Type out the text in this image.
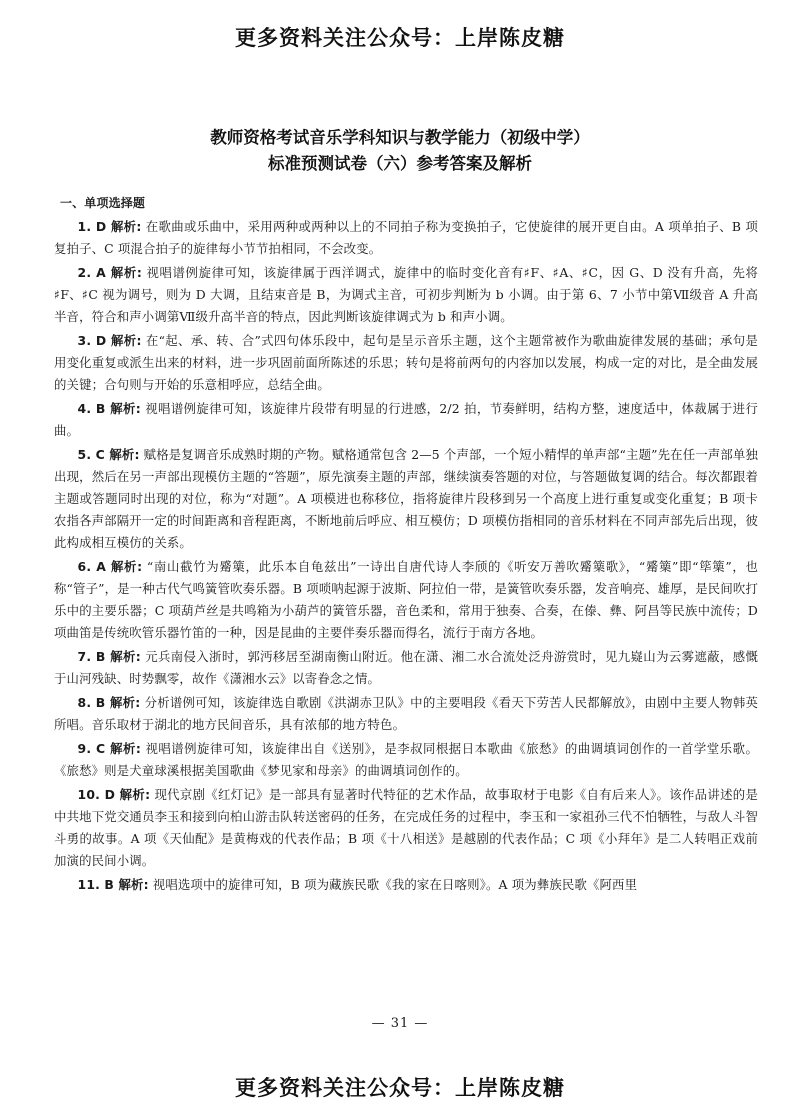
更多资料关注公众号：上岸陈皮糖
教师资格考试音乐学科知识与教学能力（初级中学）
标准预测试卷（六）参考答案及解析
一、单项选择题

1. D 解析: 在歌曲或乐曲中，采用两种或两种以上的不同拍子称为变换拍子，它使旋律的展开更自由。A 项单拍子、B 项复拍子、C 项混合拍子的旋律每小节节拍相同，不会改变。

2. A 解析: 视唱谱例旋律可知，该旋律属于西洋调式，旋律中的临时变化音有♯F、♯A、♯C，因 G、D 没有升高，先将♯F、♯C 视为调号，则为 D 大调，且结束音是 B，为调式主音，可初步判断为 b 小调。由于第 6、7 小节中第Ⅶ级音 A 升高半音，符合和声小调第Ⅶ级升高半音的特点，因此判断该旋律调式为 b 和声小调。

3. D 解析: 在“起、承、转、合”式四句体乐段中，起句是呈示音乐主题，这个主题常被作为歌曲旋律发展的基础；承句是用变化重复或派生出来的材料，进一步巩固前面所陈述的乐思；转句是将前两句的内容加以发展，构成一定的对比，是全曲发展的关键；合句则与开始的乐意相呼应，总结全曲。

4. B 解析: 视唱谱例旋律可知，该旋律片段带有明显的行进感，2/2 拍，节奏鲜明，结构方整，速度适中，体裁属于进行曲。

5. C 解析: 赋格是复调音乐成熟时期的产物。赋格通常包含 2—5 个声部，一个短小精悍的单声部“主题”先在任一声部单独出现，然后在另一声部出现模仿主题的“答题”，原先演奏主题的声部，继续演奏答题的对位，与答题做复调的结合。每次都跟着主题或答题同时出现的对位，称为“对题”。A 项模进也称移位，指将旋律片段移到另一个高度上进行重复或变化重复；B 项卡农指各声部隔开一定的时间距离和音程距离，不断地前后呼应、相互模仿；D 项模仿指相同的音乐材料在不同声部先后出现，彼此构成相互模仿的关系。

6. A 解析: “南山截竹为觱篥，此乐本自龟兹出”一诗出自唐代诗人李颀的《听安万善吹觱篥歌》，“觱篥”即“筚篥”，也称“管子”，是一种古代气鸣簧管吹奏乐器。B 项唢呐起源于波斯、阿拉伯一带，是簧管吹奏乐器，发音响亮、雄厚，是民间吹打乐中的主要乐器；C 项葫芦丝是共鸣箱为小葫芦的簧管乐器，音色柔和，常用于独奏、合奏，在傣、彝、阿昌等民族中流传；D 项曲笛是传统吹管乐器竹笛的一种，因是昆曲的主要伴奏乐器而得名，流行于南方各地。

7. B 解析: 元兵南侵入浙时，郭沔移居至湖南衡山附近。他在潇、湘二水合流处泛舟游赏时，见九嶷山为云雾遮蔽，感慨于山河残缺、时势飘零，故作《潇湘水云》以寄眷念之情。

8. B 解析: 分析谱例可知，该旋律选自歌剧《洪湖赤卫队》中的主要唱段《看天下劳苦人民都解放》，由剧中主要人物韩英所唱。音乐取材于湖北的地方民间音乐，具有浓郁的地方特色。

9. C 解析: 视唱谱例旋律可知，该旋律出自《送别》，是李叔同根据日本歌曲《旅愁》的曲调填词创作的一首学堂乐歌。《旅愁》则是犬童球溪根据美国歌曲《梦见家和母亲》的曲调填词创作的。

10. D 解析: 现代京剧《红灯记》是一部具有显著时代特征的艺术作品，故事取材于电影《自有后来人》。该作品讲述的是中共地下党交通员李玉和接到向柏山游击队转送密码的任务，在完成任务的过程中，李玉和一家祖孙三代不怕牺牲，与敌人斗智斗勇的故事。A 项《天仙配》是黄梅戏的代表作品；B 项《十八相送》是越剧的代表作品；C 项《小拜年》是二人转唱正戏前加演的民间小调。

11. B 解析: 视唱选项中的旋律可知，B 项为藏族民歌《我的家在日喀则》。A 项为彝族民歌《阿西里

— 31 —
更多资料关注公众号：上岸陈皮糖
